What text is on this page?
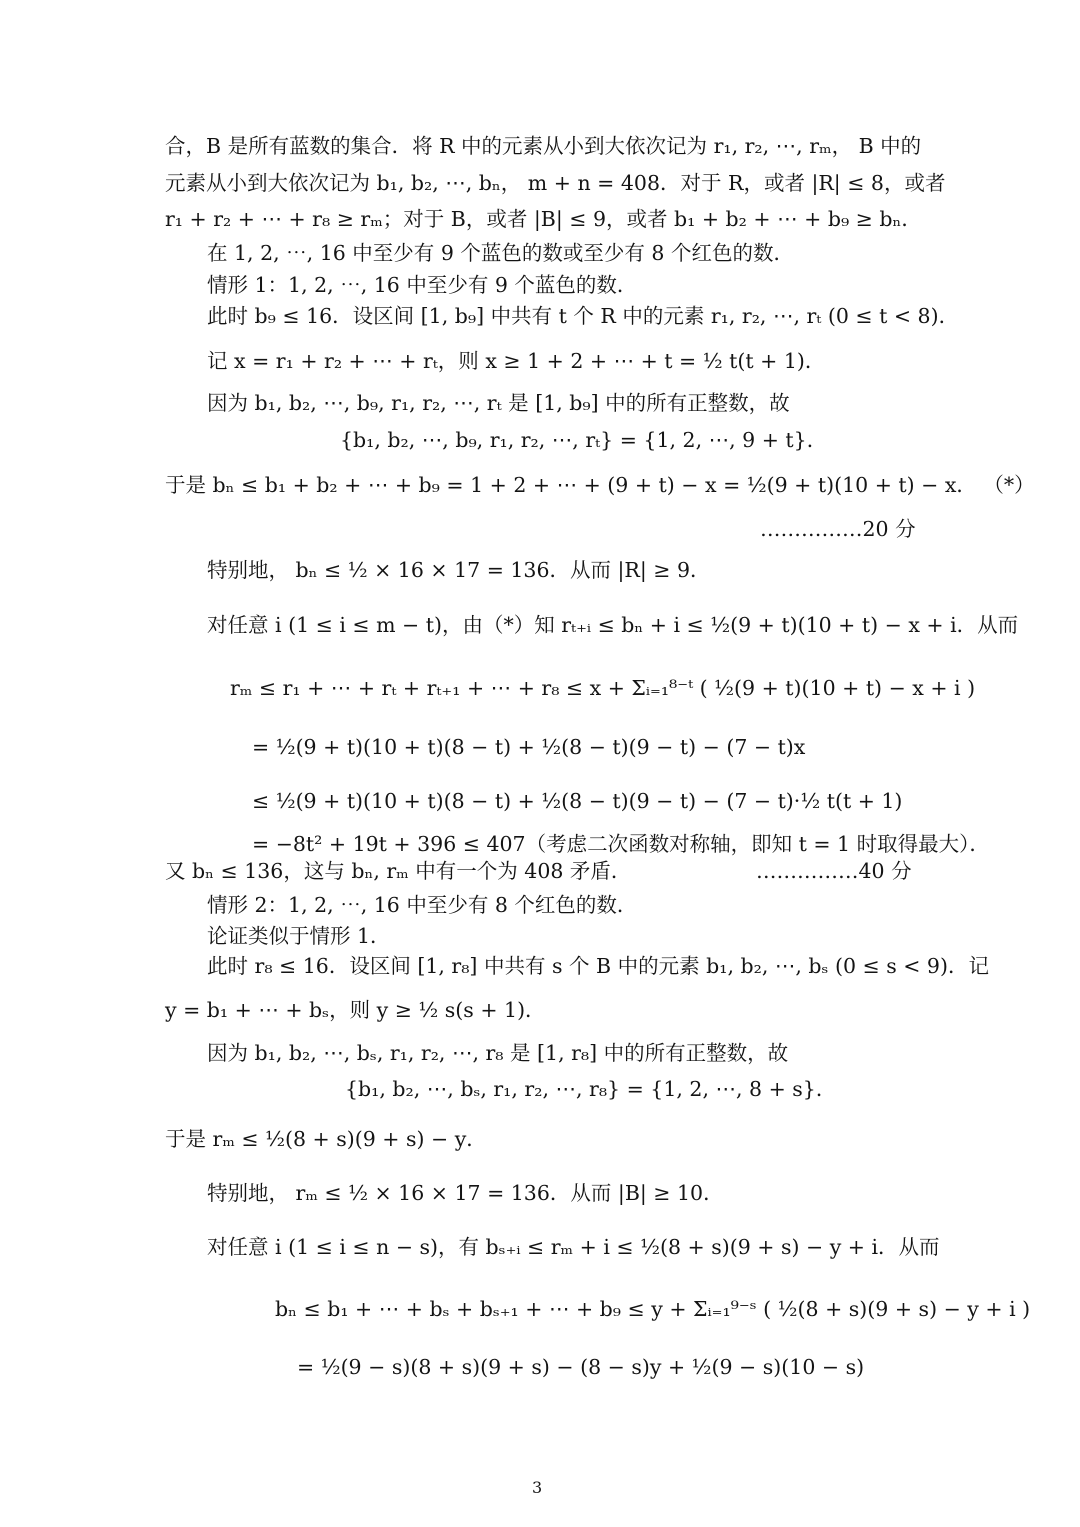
合，B 是所有蓝数的集合．将 R 中的元素从小到大依次记为 r₁, r₂, ⋯, rₘ， B 中的
元素从小到大依次记为 b₁, b₂, ⋯, bₙ， m + n = 408．对于 R，或者 |R| ≤ 8，或者
r₁ + r₂ + ⋯ + r₈ ≥ rₘ；对于 B，或者 |B| ≤ 9，或者 b₁ + b₂ + ⋯ + b₉ ≥ bₙ．
在 1, 2, ⋯, 16 中至少有 9 个蓝色的数或至少有 8 个红色的数．
情形 1：1, 2, ⋯, 16 中至少有 9 个蓝色的数．
此时 b₉ ≤ 16．设区间 [1, b₉] 中共有 t 个 R 中的元素 r₁, r₂, ⋯, rₜ (0 ≤ t < 8)．
记 x = r₁ + r₂ + ⋯ + rₜ，则 x ≥ 1 + 2 + ⋯ + t = ½ t(t + 1)．
因为 b₁, b₂, ⋯, b₉, r₁, r₂, ⋯, rₜ 是 [1, b₉] 中的所有正整数，故
{b₁, b₂, ⋯, b₉, r₁, r₂, ⋯, rₜ} = {1, 2, ⋯, 9 + t}．
于是 bₙ ≤ b₁ + b₂ + ⋯ + b₉ = 1 + 2 + ⋯ + (9 + t) − x = ½(9 + t)(10 + t) − x． （*）
……………20 分
特别地， bₙ ≤ ½ × 16 × 17 = 136．从而 |R| ≥ 9．
对任意 i (1 ≤ i ≤ m − t)，由（*）知 rₜ₊ᵢ ≤ bₙ + i ≤ ½(9 + t)(10 + t) − x + i．从而
rₘ ≤ r₁ + ⋯ + rₜ + rₜ₊₁ + ⋯ + r₈ ≤ x + Σᵢ₌₁⁸⁻ᵗ ( ½(9 + t)(10 + t) − x + i )
= ½(9 + t)(10 + t)(8 − t) + ½(8 − t)(9 − t) − (7 − t)x
≤ ½(9 + t)(10 + t)(8 − t) + ½(8 − t)(9 − t) − (7 − t)·½ t(t + 1)
= −8t² + 19t + 396 ≤ 407（考虑二次函数对称轴，即知 t = 1 时取得最大）．
又 bₙ ≤ 136，这与 bₙ, rₘ 中有一个为 408 矛盾．	……………40 分
情形 2：1, 2, ⋯, 16 中至少有 8 个红色的数．
论证类似于情形 1．
此时 r₈ ≤ 16．设区间 [1, r₈] 中共有 s 个 B 中的元素 b₁, b₂, ⋯, bₛ (0 ≤ s < 9)．记
y = b₁ + ⋯ + bₛ，则 y ≥ ½ s(s + 1)．
因为 b₁, b₂, ⋯, bₛ, r₁, r₂, ⋯, r₈ 是 [1, r₈] 中的所有正整数，故
{b₁, b₂, ⋯, bₛ, r₁, r₂, ⋯, r₈} = {1, 2, ⋯, 8 + s}．
于是 rₘ ≤ ½(8 + s)(9 + s) − y．
特别地， rₘ ≤ ½ × 16 × 17 = 136．从而 |B| ≥ 10．
对任意 i (1 ≤ i ≤ n − s)，有 bₛ₊ᵢ ≤ rₘ + i ≤ ½(8 + s)(9 + s) − y + i．从而
bₙ ≤ b₁ + ⋯ + bₛ + bₛ₊₁ + ⋯ + b₉ ≤ y + Σᵢ₌₁⁹⁻ˢ ( ½(8 + s)(9 + s) − y + i )
= ½(9 − s)(8 + s)(9 + s) − (8 − s)y + ½(9 − s)(10 − s)
3
